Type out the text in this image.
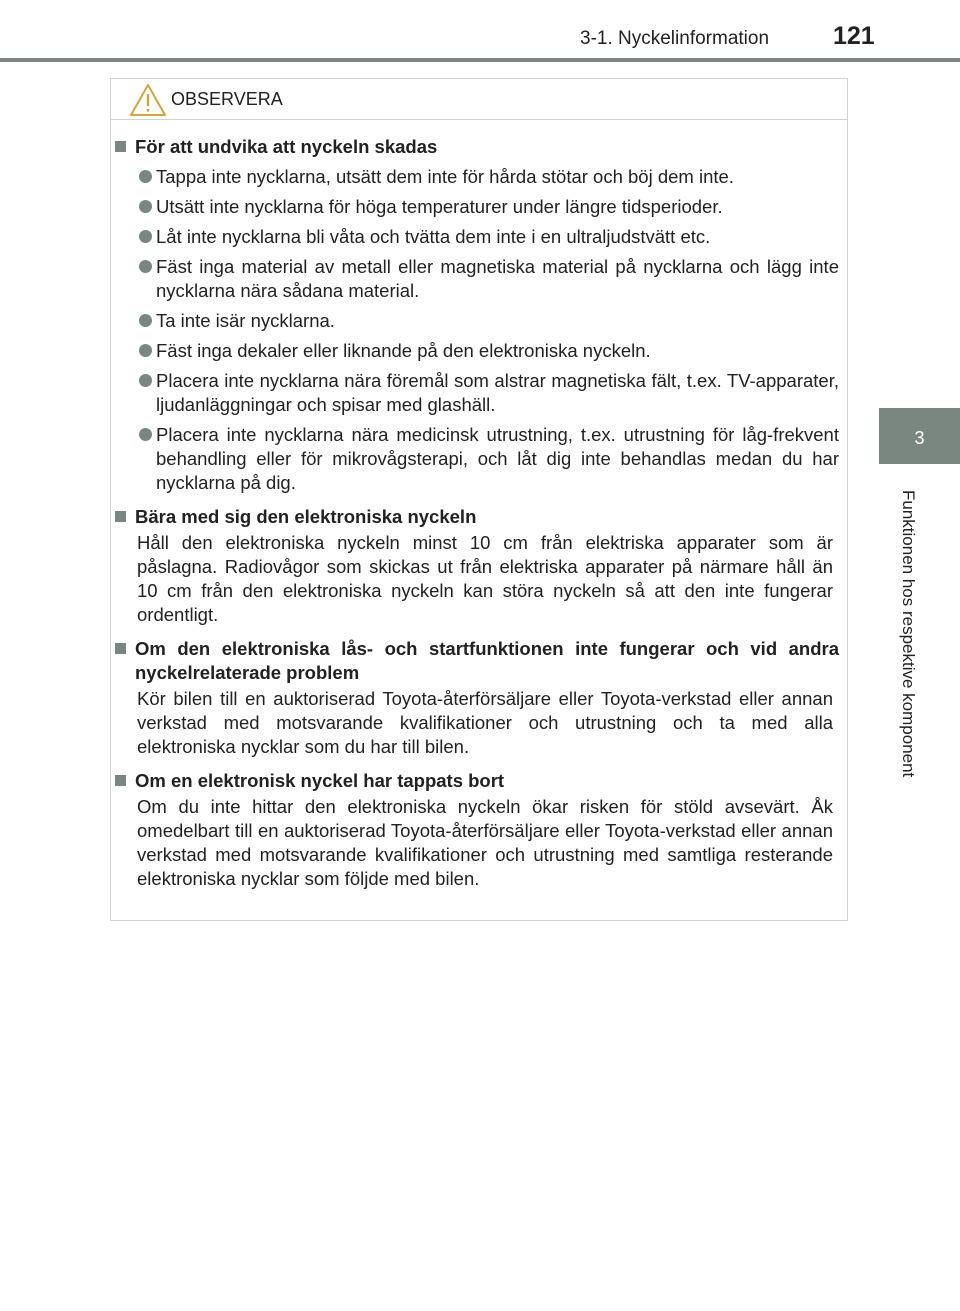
3-1. Nyckelinformation	121
3
Funktionen hos respektive komponent
OBSERVERA
För att undvika att nyckeln skadas
Tappa inte nycklarna, utsätt dem inte för hårda stötar och böj dem inte.
Utsätt inte nycklarna för höga temperaturer under längre tidsperioder.
Låt inte nycklarna bli våta och tvätta dem inte i en ultraljudstvätt etc.
Fäst inga material av metall eller magnetiska material på nycklarna och lägg inte nycklarna nära sådana material.
Ta inte isär nycklarna.
Fäst inga dekaler eller liknande på den elektroniska nyckeln.
Placera inte nycklarna nära föremål som alstrar magnetiska fält, t.ex. TV-apparater, ljudanläggningar och spisar med glashäll.
Placera inte nycklarna nära medicinsk utrustning, t.ex. utrustning för låg-frekvent behandling eller för mikrovågsterapi, och låt dig inte behandlas medan du har nycklarna på dig.
Bära med sig den elektroniska nyckeln
Håll den elektroniska nyckeln minst 10 cm från elektriska apparater som är påslagna. Radiovågor som skickas ut från elektriska apparater på närmare håll än 10 cm från den elektroniska nyckeln kan störa nyckeln så att den inte fungerar ordentligt.
Om den elektroniska lås- och startfunktionen inte fungerar och vid andra nyckelrelaterade problem
Kör bilen till en auktoriserad Toyota-återförsäljare eller Toyota-verkstad eller annan verkstad med motsvarande kvalifikationer och utrustning och ta med alla elektroniska nycklar som du har till bilen.
Om en elektronisk nyckel har tappats bort
Om du inte hittar den elektroniska nyckeln ökar risken för stöld avsevärt. Åk omedelbart till en auktoriserad Toyota-återförsäljare eller Toyota-verkstad eller annan verkstad med motsvarande kvalifikationer och utrustning med samtliga resterande elektroniska nycklar som följde med bilen.
